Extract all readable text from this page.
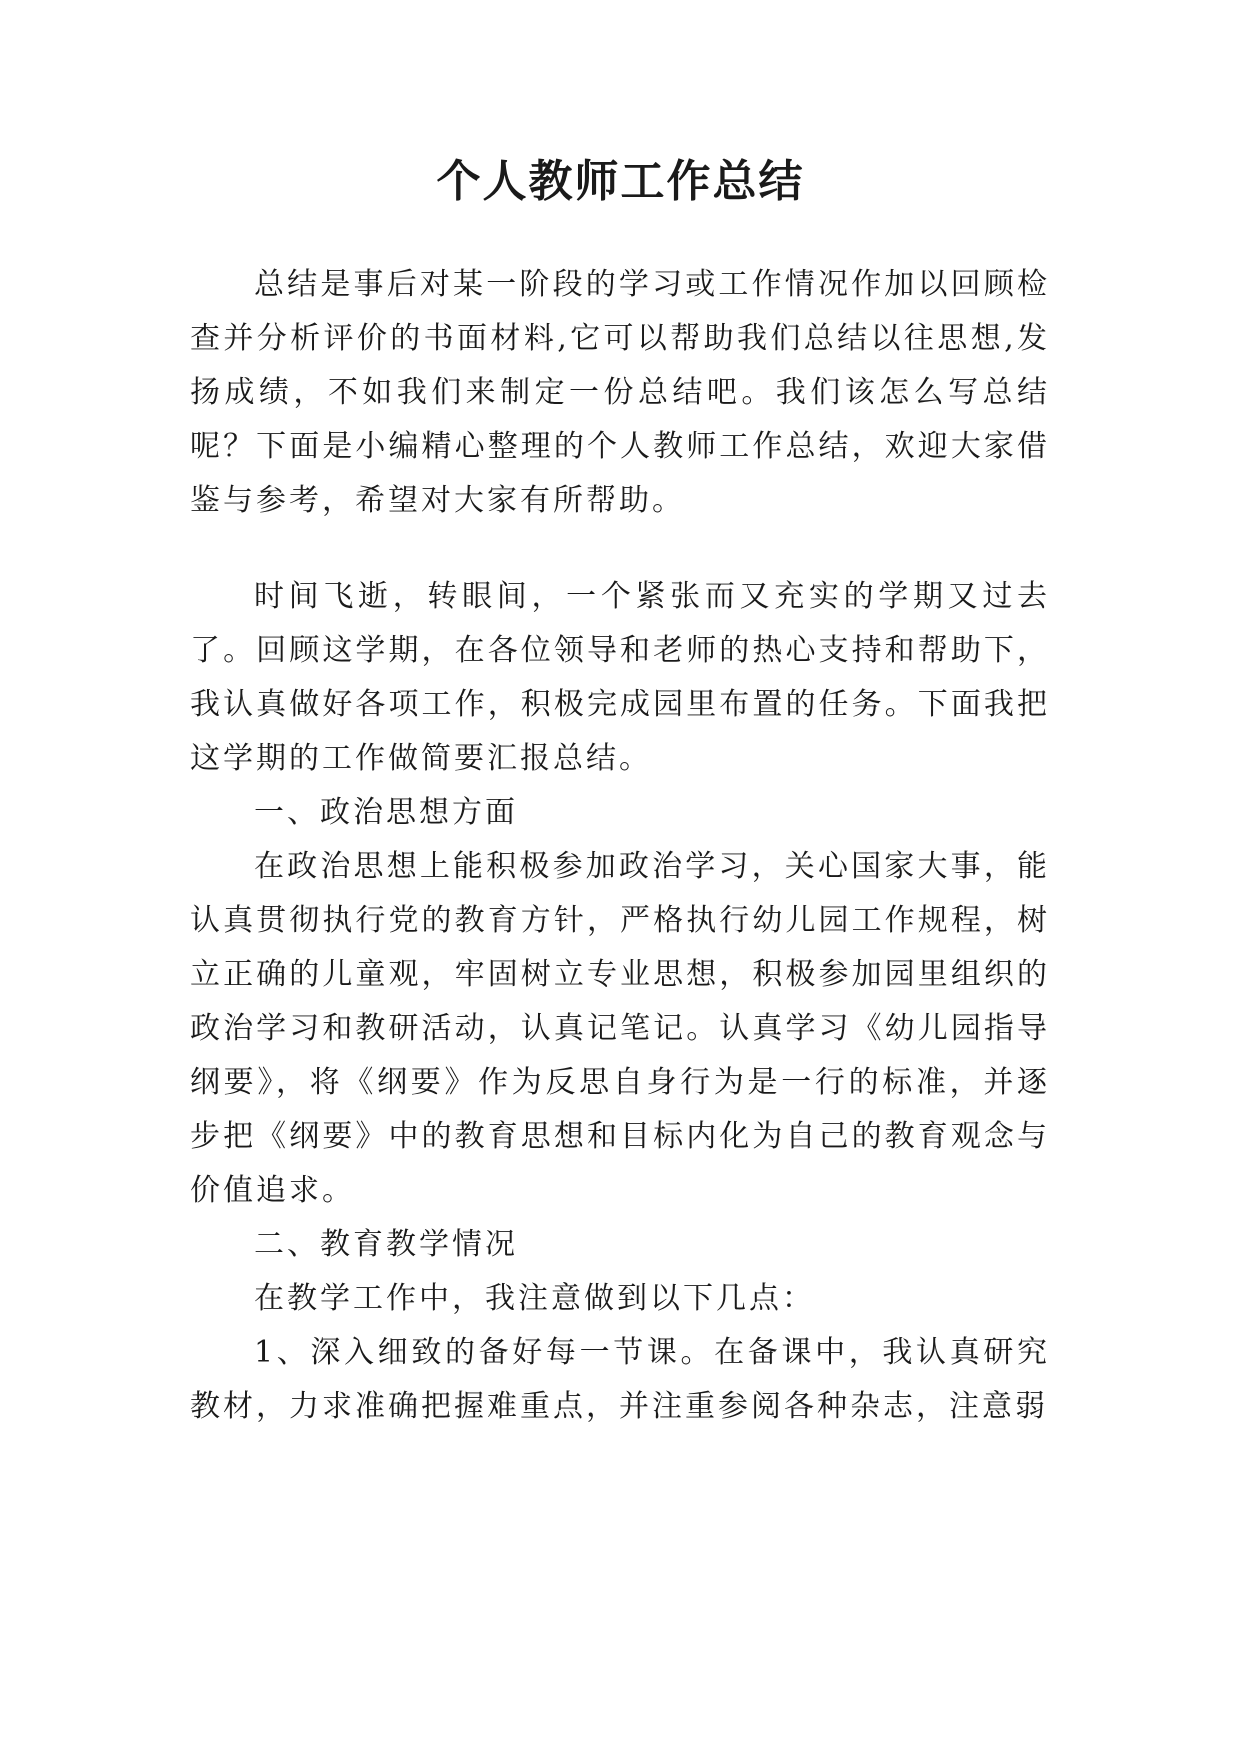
个人教师工作总结

总结是事后对某一阶段的学习或工作情况作加以回顾检查并分析评价的书面材料,它可以帮助我们总结以往思想,发扬成绩，不如我们来制定一份总结吧。我们该怎么写总结呢？下面是小编精心整理的个人教师工作总结，欢迎大家借鉴与参考，希望对大家有所帮助。

时间飞逝，转眼间，一个紧张而又充实的学期又过去了。回顾这学期，在各位领导和老师的热心支持和帮助下，我认真做好各项工作，积极完成园里布置的任务。下面我把这学期的工作做简要汇报总结。

一、政治思想方面

在政治思想上能积极参加政治学习，关心国家大事，能认真贯彻执行党的教育方针，严格执行幼儿园工作规程，树立正确的儿童观，牢固树立专业思想，积极参加园里组织的政治学习和教研活动，认真记笔记。认真学习《幼儿园指导纲要》，将《纲要》作为反思自身行为是一行的标准，并逐步把《纲要》中的教育思想和目标内化为自己的教育观念与价值追求。

二、教育教学情况

在教学工作中，我注意做到以下几点：

1、深入细致的备好每一节课。在备课中，我认真研究教材，力求准确把握难重点，并注重参阅各种杂志，注意弱
